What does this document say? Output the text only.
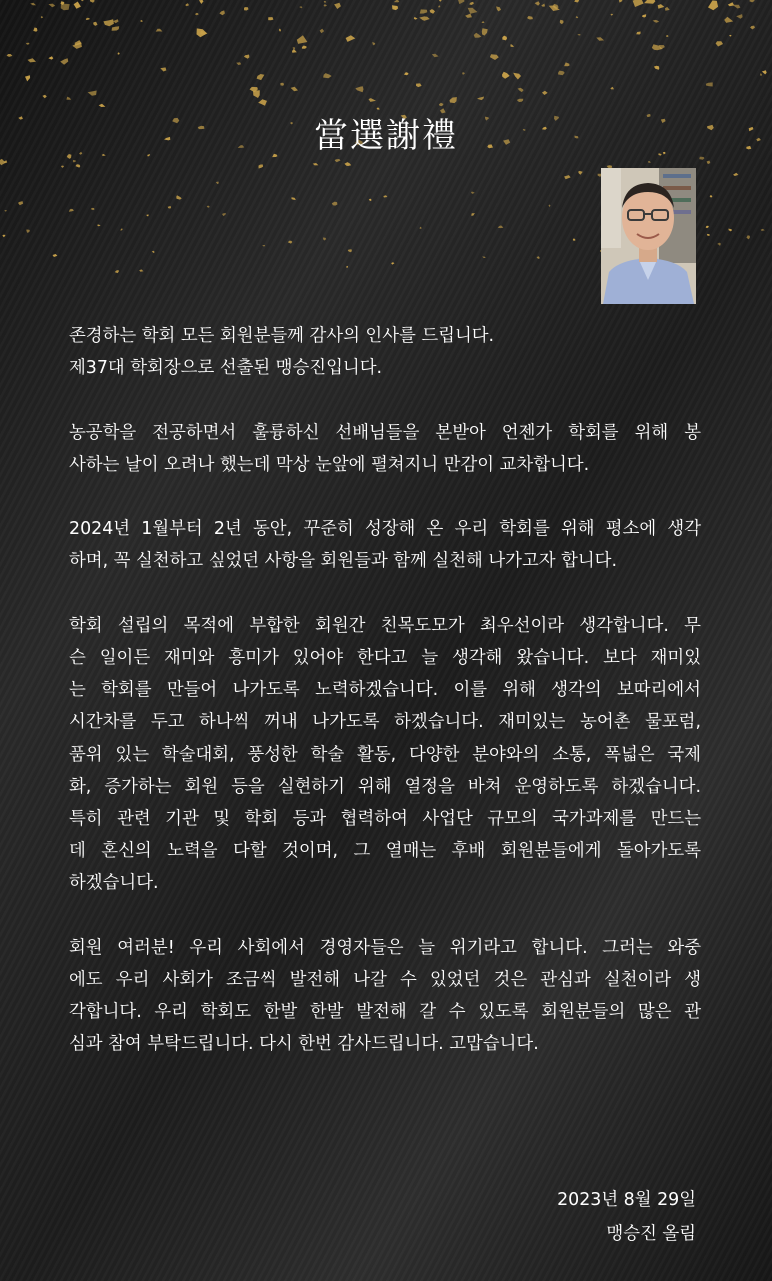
當選謝禮
존경하는 학회 모든 회원분들께 감사의 인사를 드립니다.
제37대 학회장으로 선출된 맹승진입니다.
농공학을 전공하면서 훌륭하신 선배님들을 본받아 언젠가 학회를 위해 봉
사하는 날이 오려나 했는데 막상 눈앞에 펼쳐지니 만감이 교차합니다.
2024년 1월부터 2년 동안, 꾸준히 성장해 온 우리 학회를 위해 평소에 생각
하며, 꼭 실천하고 싶었던 사항을 회원들과 함께 실천해 나가고자 합니다.
학회 설립의 목적에 부합한 회원간 친목도모가 최우선이라 생각합니다. 무
슨 일이든 재미와 흥미가 있어야 한다고 늘 생각해 왔습니다. 보다 재미있
는 학회를 만들어 나가도록 노력하겠습니다. 이를 위해 생각의 보따리에서
시간차를 두고 하나씩 꺼내 나가도록 하겠습니다. 재미있는 농어촌 물포럼,
품위 있는 학술대회, 풍성한 학술 활동, 다양한 분야와의 소통, 폭넓은 국제
화, 증가하는 회원 등을 실현하기 위해 열정을 바쳐 운영하도록 하겠습니다.
특히 관련 기관 및 학회 등과 협력하여 사업단 규모의 국가과제를 만드는
데 혼신의 노력을 다할 것이며, 그 열매는 후배 회원분들에게 돌아가도록
하겠습니다.
회원 여러분! 우리 사회에서 경영자들은 늘 위기라고 합니다. 그러는 와중
에도 우리 사회가 조금씩 발전해 나갈 수 있었던 것은 관심과 실천이라 생
각합니다. 우리 학회도 한발 한발 발전해 갈 수 있도록 회원분들의 많은 관
심과 참여 부탁드립니다. 다시 한번 감사드립니다. 고맙습니다.
2023년 8월 29일
맹승진 올림
